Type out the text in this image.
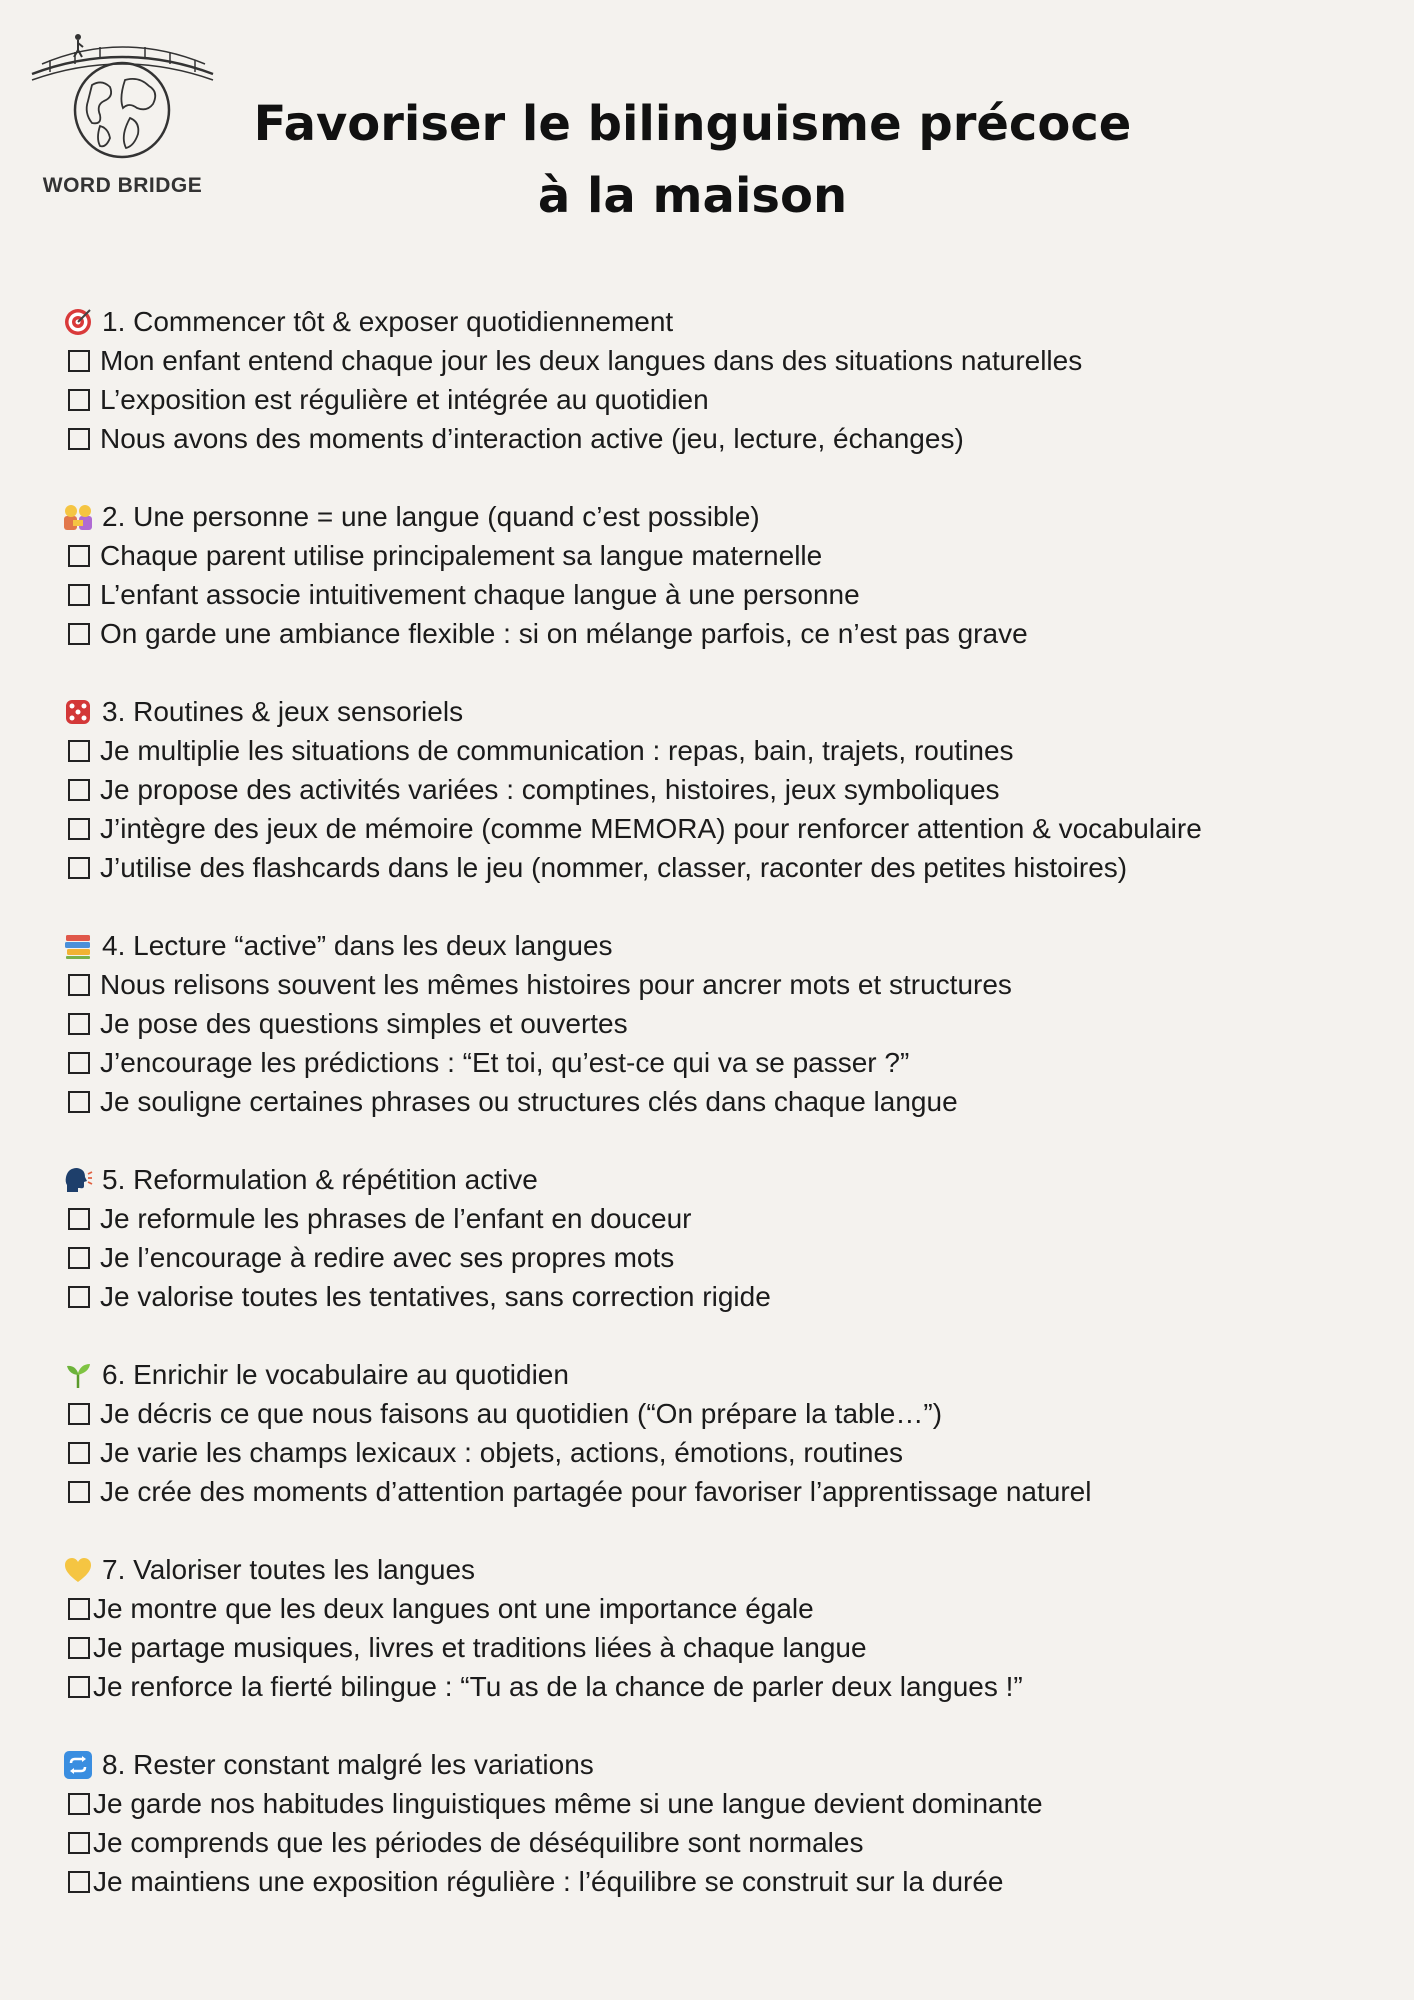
WORD BRIDGE
Favoriser le bilinguisme précoce
à la maison
1. Commencer tôt & exposer quotidiennement
Mon enfant entend chaque jour les deux langues dans des situations naturelles
L’exposition est régulière et intégrée au quotidien
Nous avons des moments d’interaction active (jeu, lecture, échanges)
2. Une personne = une langue (quand c’est possible)
Chaque parent utilise principalement sa langue maternelle
L’enfant associe intuitivement chaque langue à une personne
On garde une ambiance flexible : si on mélange parfois, ce n’est pas grave
3. Routines & jeux sensoriels
Je multiplie les situations de communication : repas, bain, trajets, routines
Je propose des activités variées : comptines, histoires, jeux symboliques
J’intègre des jeux de mémoire (comme MEMORA) pour renforcer attention & vocabulaire
J’utilise des flashcards dans le jeu (nommer, classer, raconter des petites histoires)
4. Lecture “active” dans les deux langues
Nous relisons souvent les mêmes histoires pour ancrer mots et structures
Je pose des questions simples et ouvertes
J’encourage les prédictions : “Et toi, qu’est-ce qui va se passer ?”
Je souligne certaines phrases ou structures clés dans chaque langue
5. Reformulation & répétition active
Je reformule les phrases de l’enfant en douceur
Je l’encourage à redire avec ses propres mots
Je valorise toutes les tentatives, sans correction rigide
6. Enrichir le vocabulaire au quotidien
Je décris ce que nous faisons au quotidien (“On prépare la table…”)
Je varie les champs lexicaux : objets, actions, émotions, routines
Je crée des moments d’attention partagée pour favoriser l’apprentissage naturel
7. Valoriser toutes les langues
Je montre que les deux langues ont une importance égale
Je partage musiques, livres et traditions liées à chaque langue
Je renforce la fierté bilingue : “Tu as de la chance de parler deux langues !”
8. Rester constant malgré les variations
Je garde nos habitudes linguistiques même si une langue devient dominante
Je comprends que les périodes de déséquilibre sont normales
Je maintiens une exposition régulière : l’équilibre se construit sur la durée
